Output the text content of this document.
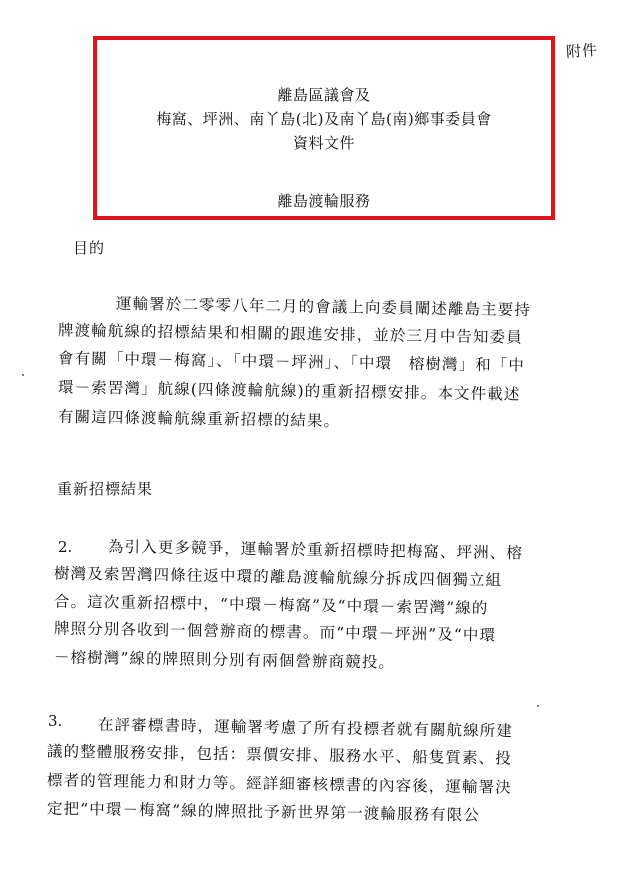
附件
離島區議會及
梅窩、坪洲、南丫島(北)及南丫島(南)鄉事委員會
資料文件
離島渡輪服務
目的
運輸署於二零零八年二月的會議上向委員闡述離島主要持
牌渡輪航線的招標結果和相關的跟進安排，並於三月中告知委員
會有關「中環－梅窩」、「中環－坪洲」、「中環　榕樹灣」和「中
環－索罟灣」航線(四條渡輪航線)的重新招標安排。本文件載述
有關這四條渡輪航線重新招標的結果。
重新招標結果
2. 為引入更多競爭，運輸署於重新招標時把梅窩、坪洲、榕
樹灣及索罟灣四條往返中環的離島渡輪航線分拆成四個獨立組
合。這次重新招標中，“中環－梅窩”及“中環－索罟灣”線的
牌照分別各收到一個營辦商的標書。而“中環－坪洲”及“中環
－榕樹灣”線的牌照則分別有兩個營辦商競投。
3. 在評審標書時，運輸署考慮了所有投標者就有關航線所建
議的整體服務安排，包括：票價安排、服務水平、船隻質素、投
標者的管理能力和財力等。經詳細審核標書的內容後，運輸署決
定把“中環－梅窩”線的牌照批予新世界第一渡輪服務有限公
